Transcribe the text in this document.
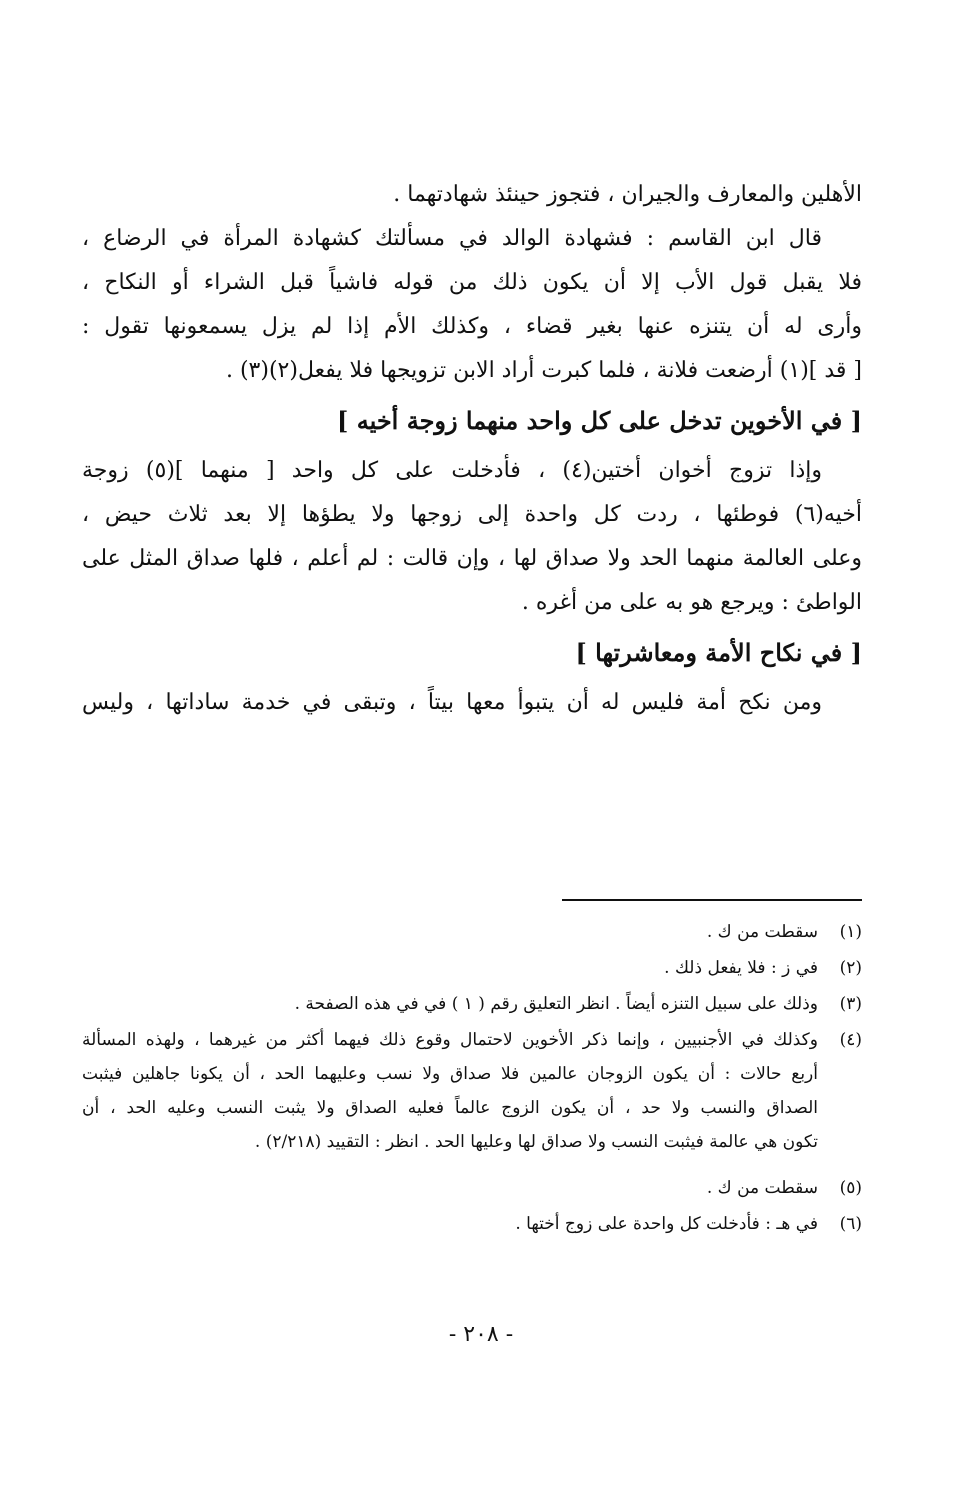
الأهلين والمعارف والجيران ، فتجوز حينئذ شهادتهما .
قال ابن القاسم : فشهادة الوالد في مسألتك كشهادة المرأة في الرضاع ،
فلا يقبل قول الأب إلا أن يكون ذلك من قوله فاشياً قبل الشراء أو النكاح ،
وأرى له أن يتنزه عنها بغير قضاء ، وكذلك الأم إذا لم يزل يسمعونها تقول :
[ قد ](١) أرضعت فلانة ، فلما كبرت أراد الابن تزويجها فلا يفعل(٢)(٣) .
[ في الأخوين تدخل على كل واحد منهما زوجة أخيه ]
وإذا تزوج أخوان أختين(٤) ، فأدخلت على كل واحد [ منهما ](٥) زوجة
أخيه(٦) فوطئها ، ردت كل واحدة إلى زوجها ولا يطؤها إلا بعد ثلاث حيض ،
وعلى العالمة منهما الحد ولا صداق لها ، وإن قالت : لم أعلم ، فلها صداق المثل على
الواطئ : ويرجع هو به على من أغره .
[ في نكاح الأمة ومعاشرتها ]
ومن نكح أمة فليس له أن يتبوأ معها بيتاً ، وتبقى في خدمة ساداتها ، وليس
(١)
سقطت من ك .
(٢)
في ز : فلا يفعل ذلك .
(٣)
وذلك على سبيل التنزه أيضاً . انظر التعليق رقم ( ١ ) في في هذه الصفحة .
(٤)
وكذلك في الأجنبيين ، وإنما ذكر الأخوين لاحتمال وقوع ذلك فيهما أكثر من غيرهما ، ولهذه المسألة
أربع حالات : أن يكون الزوجان عالمين فلا صداق ولا نسب وعليهما الحد ، أن يكونا جاهلين فيثبت
الصداق والنسب ولا حد ، أن يكون الزوج عالماً فعليه الصداق ولا يثبت النسب وعليه الحد ، أن
تكون هي عالمة فيثبت النسب ولا صداق لها وعليها الحد . انظر : التقييد (٢/٢١٨) .
(٥)
سقطت من ك .
(٦)
في هـ : فأدخلت كل واحدة على زوج أختها .
- ٢٠٨ -
